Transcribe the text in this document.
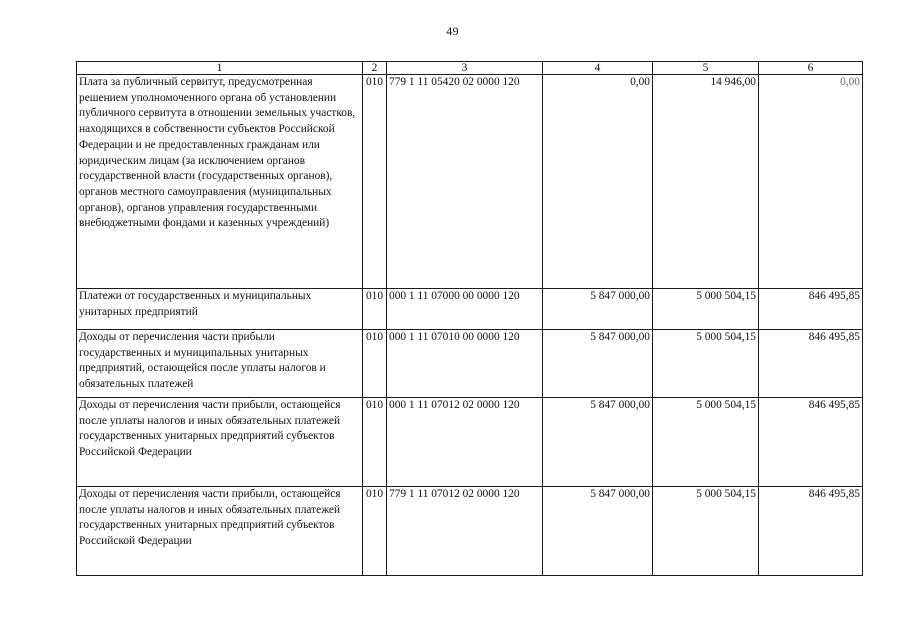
49
1	2	3	4	5	6
Плата за публичный сервитут, предусмотренная решением уполномоченного органа об установлении публичного сервитута в отношении земельных участков, находящихся в собственности субъектов Российской Федерации и не предоставленных гражданам или юридическим лицам (за исключением органов государственной власти (государственных органов), органов местного самоуправления (муниципальных органов), органов управления государственными внебюджетными фондами и казенных учреждений)	010	779 1 11 05420 02 0000 120	0,00	14 946,00	0,00
Платежи от государственных и муниципальных унитарных предприятий	010	000 1 11 07000 00 0000 120	5 847 000,00	5 000 504,15	846 495,85
Доходы от перечисления части прибыли государственных и муниципальных унитарных предприятий, остающейся после уплаты налогов и обязательных платежей	010	000 1 11 07010 00 0000 120	5 847 000,00	5 000 504,15	846 495,85
Доходы от перечисления части прибыли, остающейся после уплаты налогов и иных обязательных платежей государственных унитарных предприятий субъектов Российской Федерации	010	000 1 11 07012 02 0000 120	5 847 000,00	5 000 504,15	846 495,85
Доходы от перечисления части прибыли, остающейся после уплаты налогов и иных обязательных платежей государственных унитарных предприятий субъектов Российской Федерации	010	779 1 11 07012 02 0000 120	5 847 000,00	5 000 504,15	846 495,85
